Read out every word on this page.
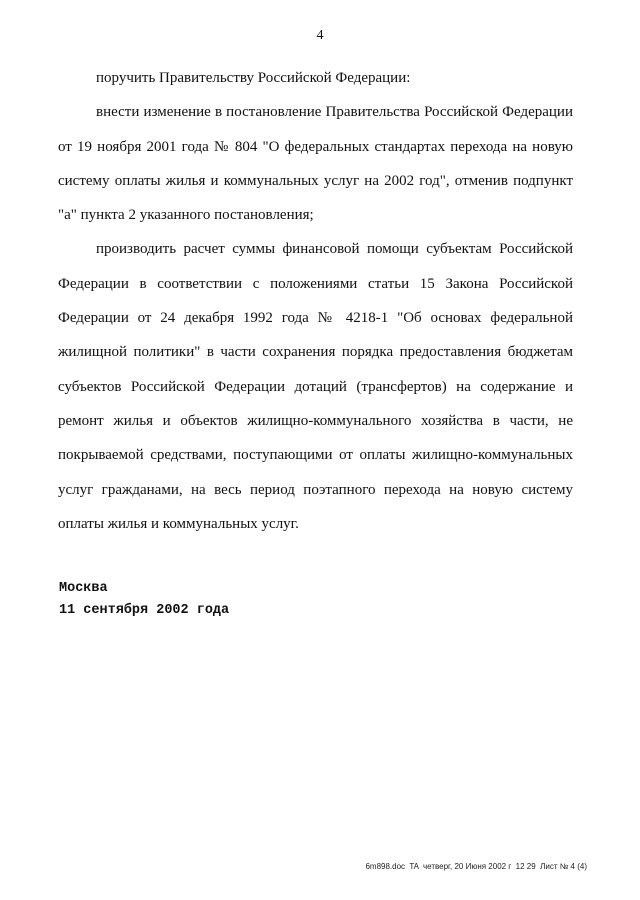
4

поручить Правительству Российской Федерации:

внести изменение в постановление Правительства Российской Федерации от 19 ноября 2001 года № 804 "О федеральных стандартах перехода на новую систему оплаты жилья и коммунальных услуг на 2002 год", отменив подпункт "а" пункта 2 указанного постановления;

производить расчет суммы финансовой помощи субъектам Российской Федерации в соответствии с положениями статьи 15 Закона Российской Федерации от 24 декабря 1992 года № 4218-1 "Об основах федеральной жилищной политики" в части сохранения порядка предоставления бюджетам субъектов Российской Федерации дотаций (трансфертов) на содержание и ремонт жилья и объектов жилищно-коммунального хозяйства в части, не покрываемой средствами, поступающими от оплаты жилищно-коммунальных услуг гражданами, на весь период поэтапного перехода на новую систему оплаты жилья и коммунальных услуг.

Москва
11 сентября 2002 года
6m898.doc  TA  четверг, 20 Июня 2002 г  12 29  Лист № 4 (4)
